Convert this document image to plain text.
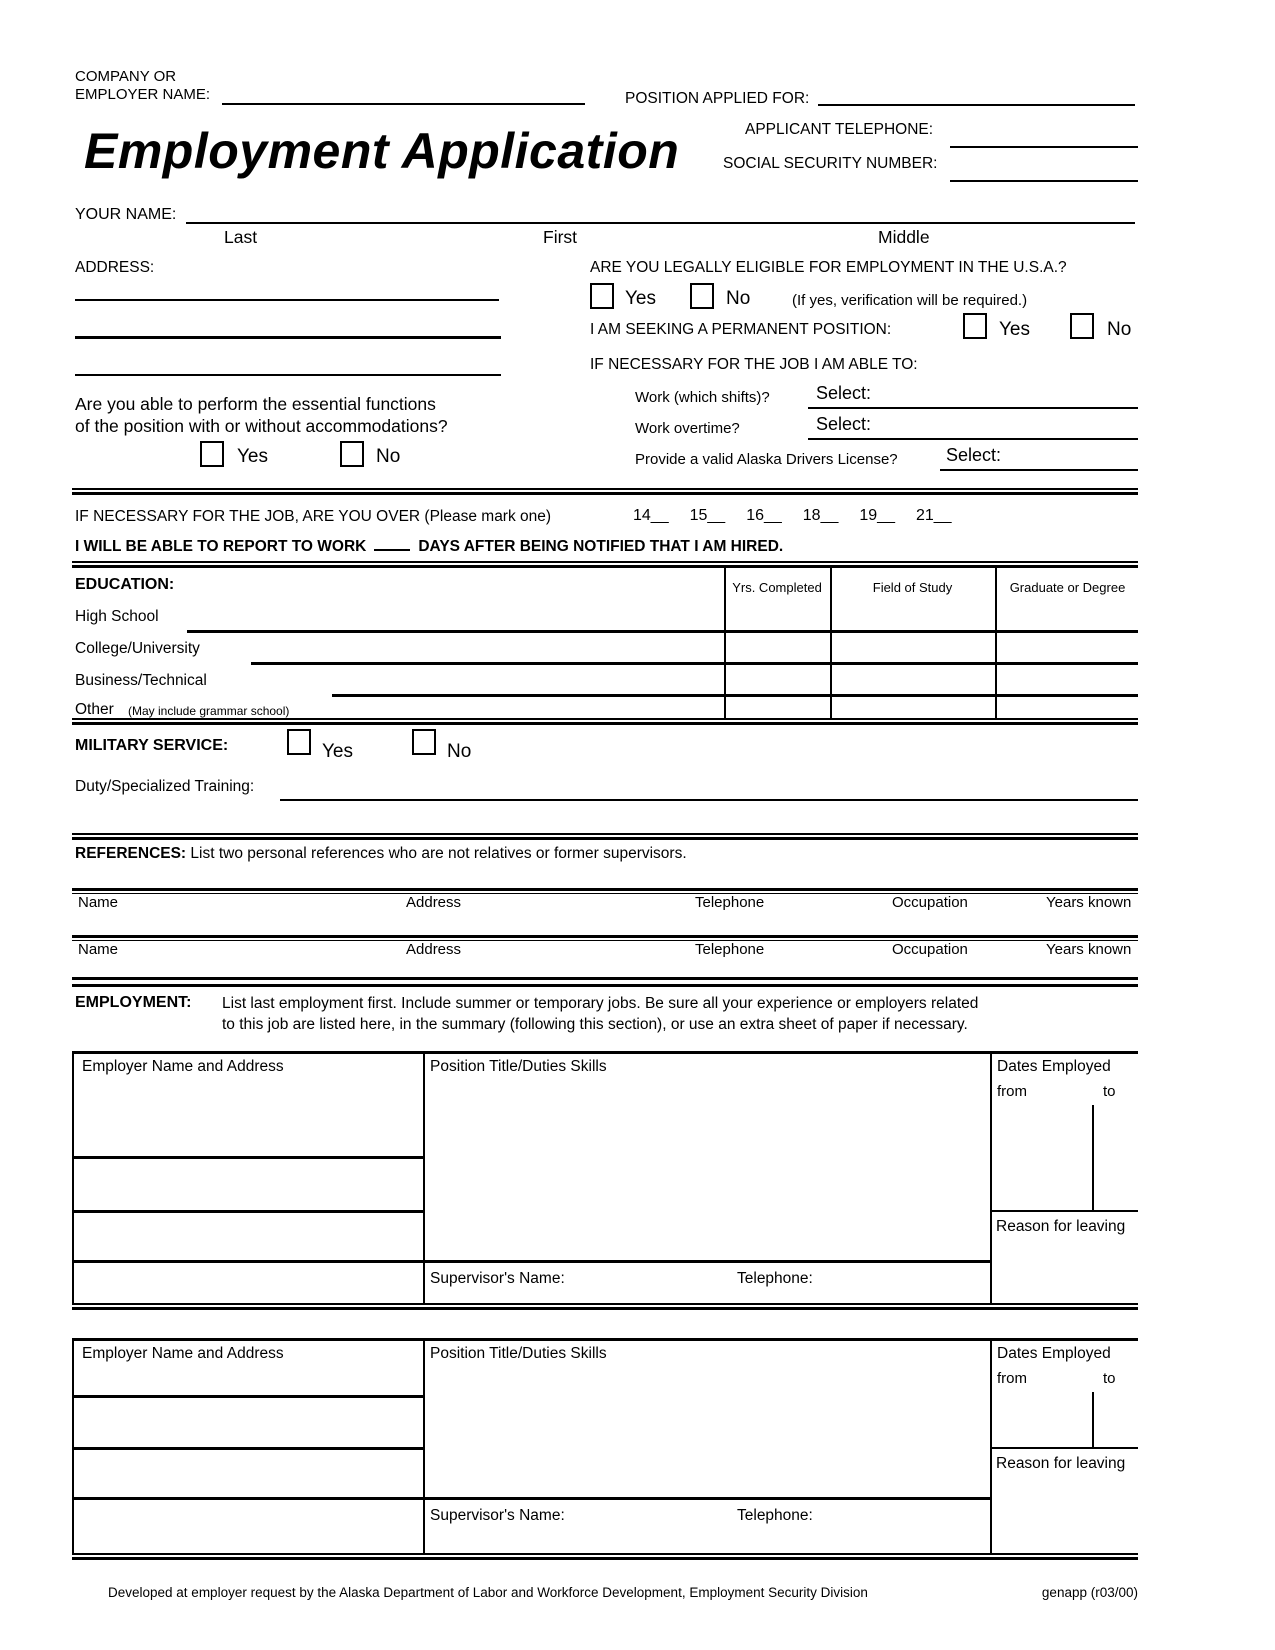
COMPANY OR
EMPLOYER NAME:	POSITION APPLIED FOR:
Employment Application	APPLICANT TELEPHONE:
SOCIAL SECURITY NUMBER:
YOUR NAME:
Last	First	Middle
ADDRESS:
Are you able to perform the essential functions
of the position with or without accommodations?
Yes	No
ARE YOU LEGALLY ELIGIBLE FOR EMPLOYMENT IN THE U.S.A.?
Yes	No	(If yes, verification will be required.)
I AM SEEKING A PERMANENT POSITION:	Yes	No
IF NECESSARY FOR THE JOB I AM ABLE TO:
Work (which shifts)?	Select:
Work overtime?	Select:
Provide a valid Alaska Drivers License?	Select:
IF NECESSARY FOR THE JOB, ARE YOU OVER (Please mark one)	14__ 15__ 16__ 18__ 19__ 21__
I WILL BE ABLE TO REPORT TO WORK	DAYS AFTER BEING NOTIFIED THAT I AM HIRED.
EDUCATION:	Yrs. Completed	Field of Study	Graduate or Degree
High School
College/University
Business/Technical
Other (May include grammar school)
MILITARY SERVICE:	Yes	No
Duty/Specialized Training:
REFERENCES: List two personal references who are not relatives or former supervisors.
Name	Address	Telephone	Occupation	Years known
Name	Address	Telephone	Occupation	Years known
EMPLOYMENT: List last employment first. Include summer or temporary jobs. Be sure all your experience or employers related
to this job are listed here, in the summary (following this section), or use an extra sheet of paper if necessary.
Employer Name and Address	Position Title/Duties Skills	Dates Employed
from	to
Reason for leaving
Supervisor's Name:	Telephone:
Employer Name and Address	Position Title/Duties Skills	Dates Employed
from	to
Reason for leaving
Supervisor's Name:	Telephone:
Developed at employer request by the Alaska Department of Labor and Workforce Development, Employment Security Division	genapp (r03/00)
